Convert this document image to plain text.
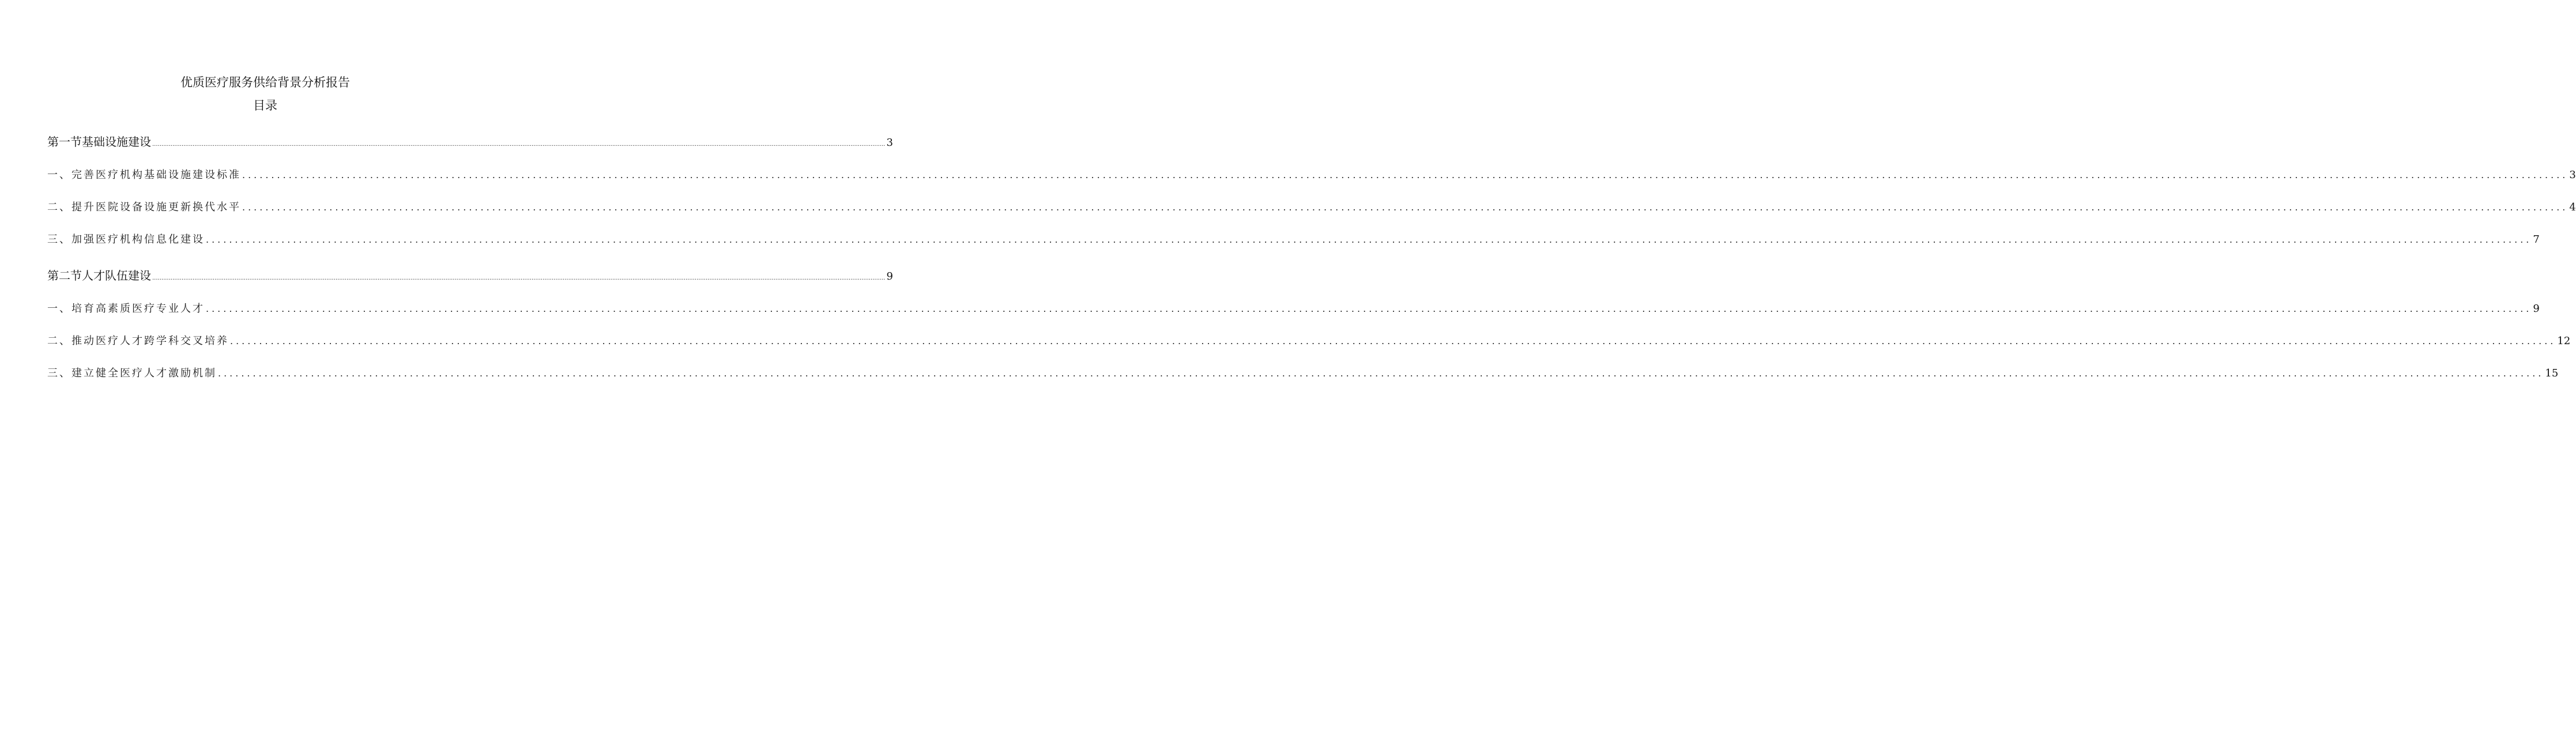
优质医疗服务供给背景分析报告
目录
第一节基础设施建设 ................................................................................................................................................................................................................................................................................................................................................................................................................ 3
一、完善医疗机构基础设施建设标准 ................................................................................................................................................................................................................................................................................................................................................................................................................ 3
二、提升医院设备设施更新换代水平 ................................................................................................................................................................................................................................................................................................................................................................................................................ 4
三、加强医疗机构信息化建设 ................................................................................................................................................................................................................................................................................................................................................................................................................ 7
第二节人才队伍建设 ................................................................................................................................................................................................................................................................................................................................................................................................................ 9
一、培育高素质医疗专业人才 ................................................................................................................................................................................................................................................................................................................................................................................................................ 9
二、推动医疗人才跨学科交叉培养 ................................................................................................................................................................................................................................................................................................................................................................................................................ 12
三、建立健全医疗人才激励机制 ................................................................................................................................................................................................................................................................................................................................................................................................................ 15
